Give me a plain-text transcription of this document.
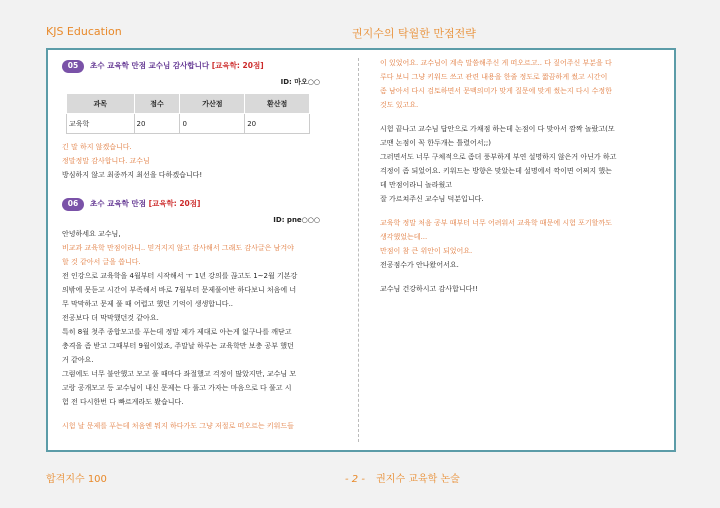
KJS Education	권지수의 탁월한 만점전략
05	초수 교육학 만점 교수님 감사합니다 [교육학: 20점]
ID: 마오○○
과목	점수	가산점	환산점
교육학	20	0	20

긴 말 하지 않겠습니다.

정말정말 감사합니다. 교수님

방심하지 않고 최종까지 최선을 다하겠습니다!

06	초수 교육학 만점 [교육학: 20점]
ID: pne○○○

안녕하세요 교수님,

비교과 교육학 만점이라니.. 믿겨지지 않고 감사해서 그래도 감사글은 남겨야

할 것 같아서 글을 씁니다.

전 인강으로 교육학을 4월부터 시작해서 ㅜ 1년 강의를 끊고도 1~2월 기본강

의밖에 못듣고 시간이 부족해서 바로 7월부터 문제풀이반 하다보니 처음에 너

무 막막하고 문제 풀 때 어렵고 했던 기억이 생생합니다..

전공보다 더 막막했던것 같아요.

특히 8월 첫주 종합모고를 푸는데 정말 제가 제대로 아는게 없구나를 깨닫고

충격을 좀 받고 그때부터 9월이었죠, 주말날 하루는 교육학만 보충 공부 했던

거 같아요.

그럼에도 너무 불안했고 모고 풀 때마다 좌절했고 걱정이 많았지만, 교수님 모

고랑 공개모고 등 교수님이 내신 문제는 다 풀고 가자는 마음으로 다 풀고 시

험 전 다시한번 다 빠르게라도 봤습니다.

시험 날 문제를 푸는데 처음엔 뭐지 하다가도 그냥 저절로 떠오르는 키워드들

이 있었어요. 교수님이 계속 말씀해주신 게 떠오르고.. 다 짚어주신 부분을 다

루다 보니 그냥 키워드 쓰고 관련 내용을 한줄 정도로 짧끔하게 썼고 시간이

좀 남아서 다시 검토하면서 문맥의미가 맞게 질문에 맞게 썼는지 다시 수정한

것도 있고요.

시험 끝나고 교수님 답안으로 가채점 하는데 논점이 다 맞아서 깜짝 놀랐고(모

고땐 논점이 꼭 한두개는 틀렸어서;;)

그러면서도 너무 구체적으로 좀더 풍부하게 부연 설명하지 않은거 아닌가 하고

걱정이 좀 되었어요. 키워드는 방향은 맞았는데 설명에서 깍이면 어쩌지 했는

데 만점이라니 놀라웠고

잘 가르쳐주신 교수님 덕분입니다.

교육학 정말 처음 공부 때부터 너무 어려워서 교육학 때문에 시험 포기할까도

생각했었는데...

만점이 참 큰 위안이 되었어요.

전공점수가 안나왔어서요.

교수님 건강하시고 감사합니다!!

합격지수 100	- 2 - 권지수 교육학 논술
